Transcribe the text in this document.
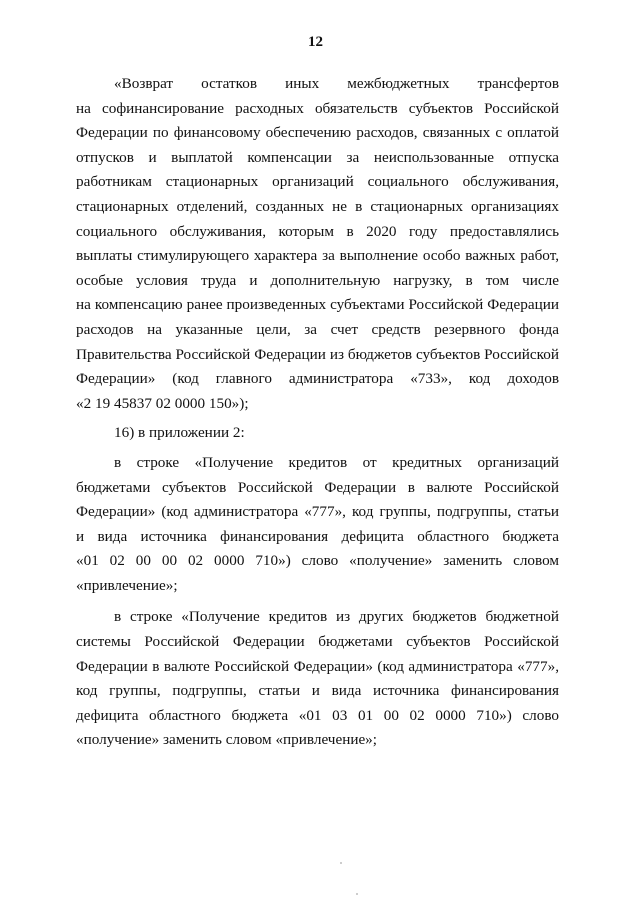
12
«Возврат остатков иных межбюджетных трансфертов
на софинансирование расходных обязательств субъектов Российской
Федерации по финансовому обеспечению расходов, связанных с оплатой
отпусков и выплатой компенсации за неиспользованные отпуска
работникам стационарных организаций социального обслуживания,
стационарных отделений, созданных не в стационарных организациях
социального обслуживания, которым в 2020 году предоставлялись
выплаты стимулирующего характера за выполнение особо важных работ,
особые условия труда и дополнительную нагрузку, в том числе
на компенсацию ранее произведенных субъектами Российской Федерации
расходов на указанные цели, за счет средств резервного фонда
Правительства Российской Федерации из бюджетов субъектов Российской
Федерации» (код главного администратора «733», код доходов
«2 19 45837 02 0000 150»);
16) в приложении 2:
в строке «Получение кредитов от кредитных организаций
бюджетами субъектов Российской Федерации в валюте Российской
Федерации» (код администратора «777», код группы, подгруппы, статьи
и вида источника финансирования дефицита областного бюджета
«01 02 00 00 02 0000 710») слово «получение» заменить словом
«привлечение»;
в строке «Получение кредитов из других бюджетов бюджетной
системы Российской Федерации бюджетами субъектов Российской
Федерации в валюте Российской Федерации» (код администратора «777»,
код группы, подгруппы, статьи и вида источника финансирования
дефицита областного бюджета «01 03 01 00 02 0000 710») слово
«получение» заменить словом «привлечение»;
